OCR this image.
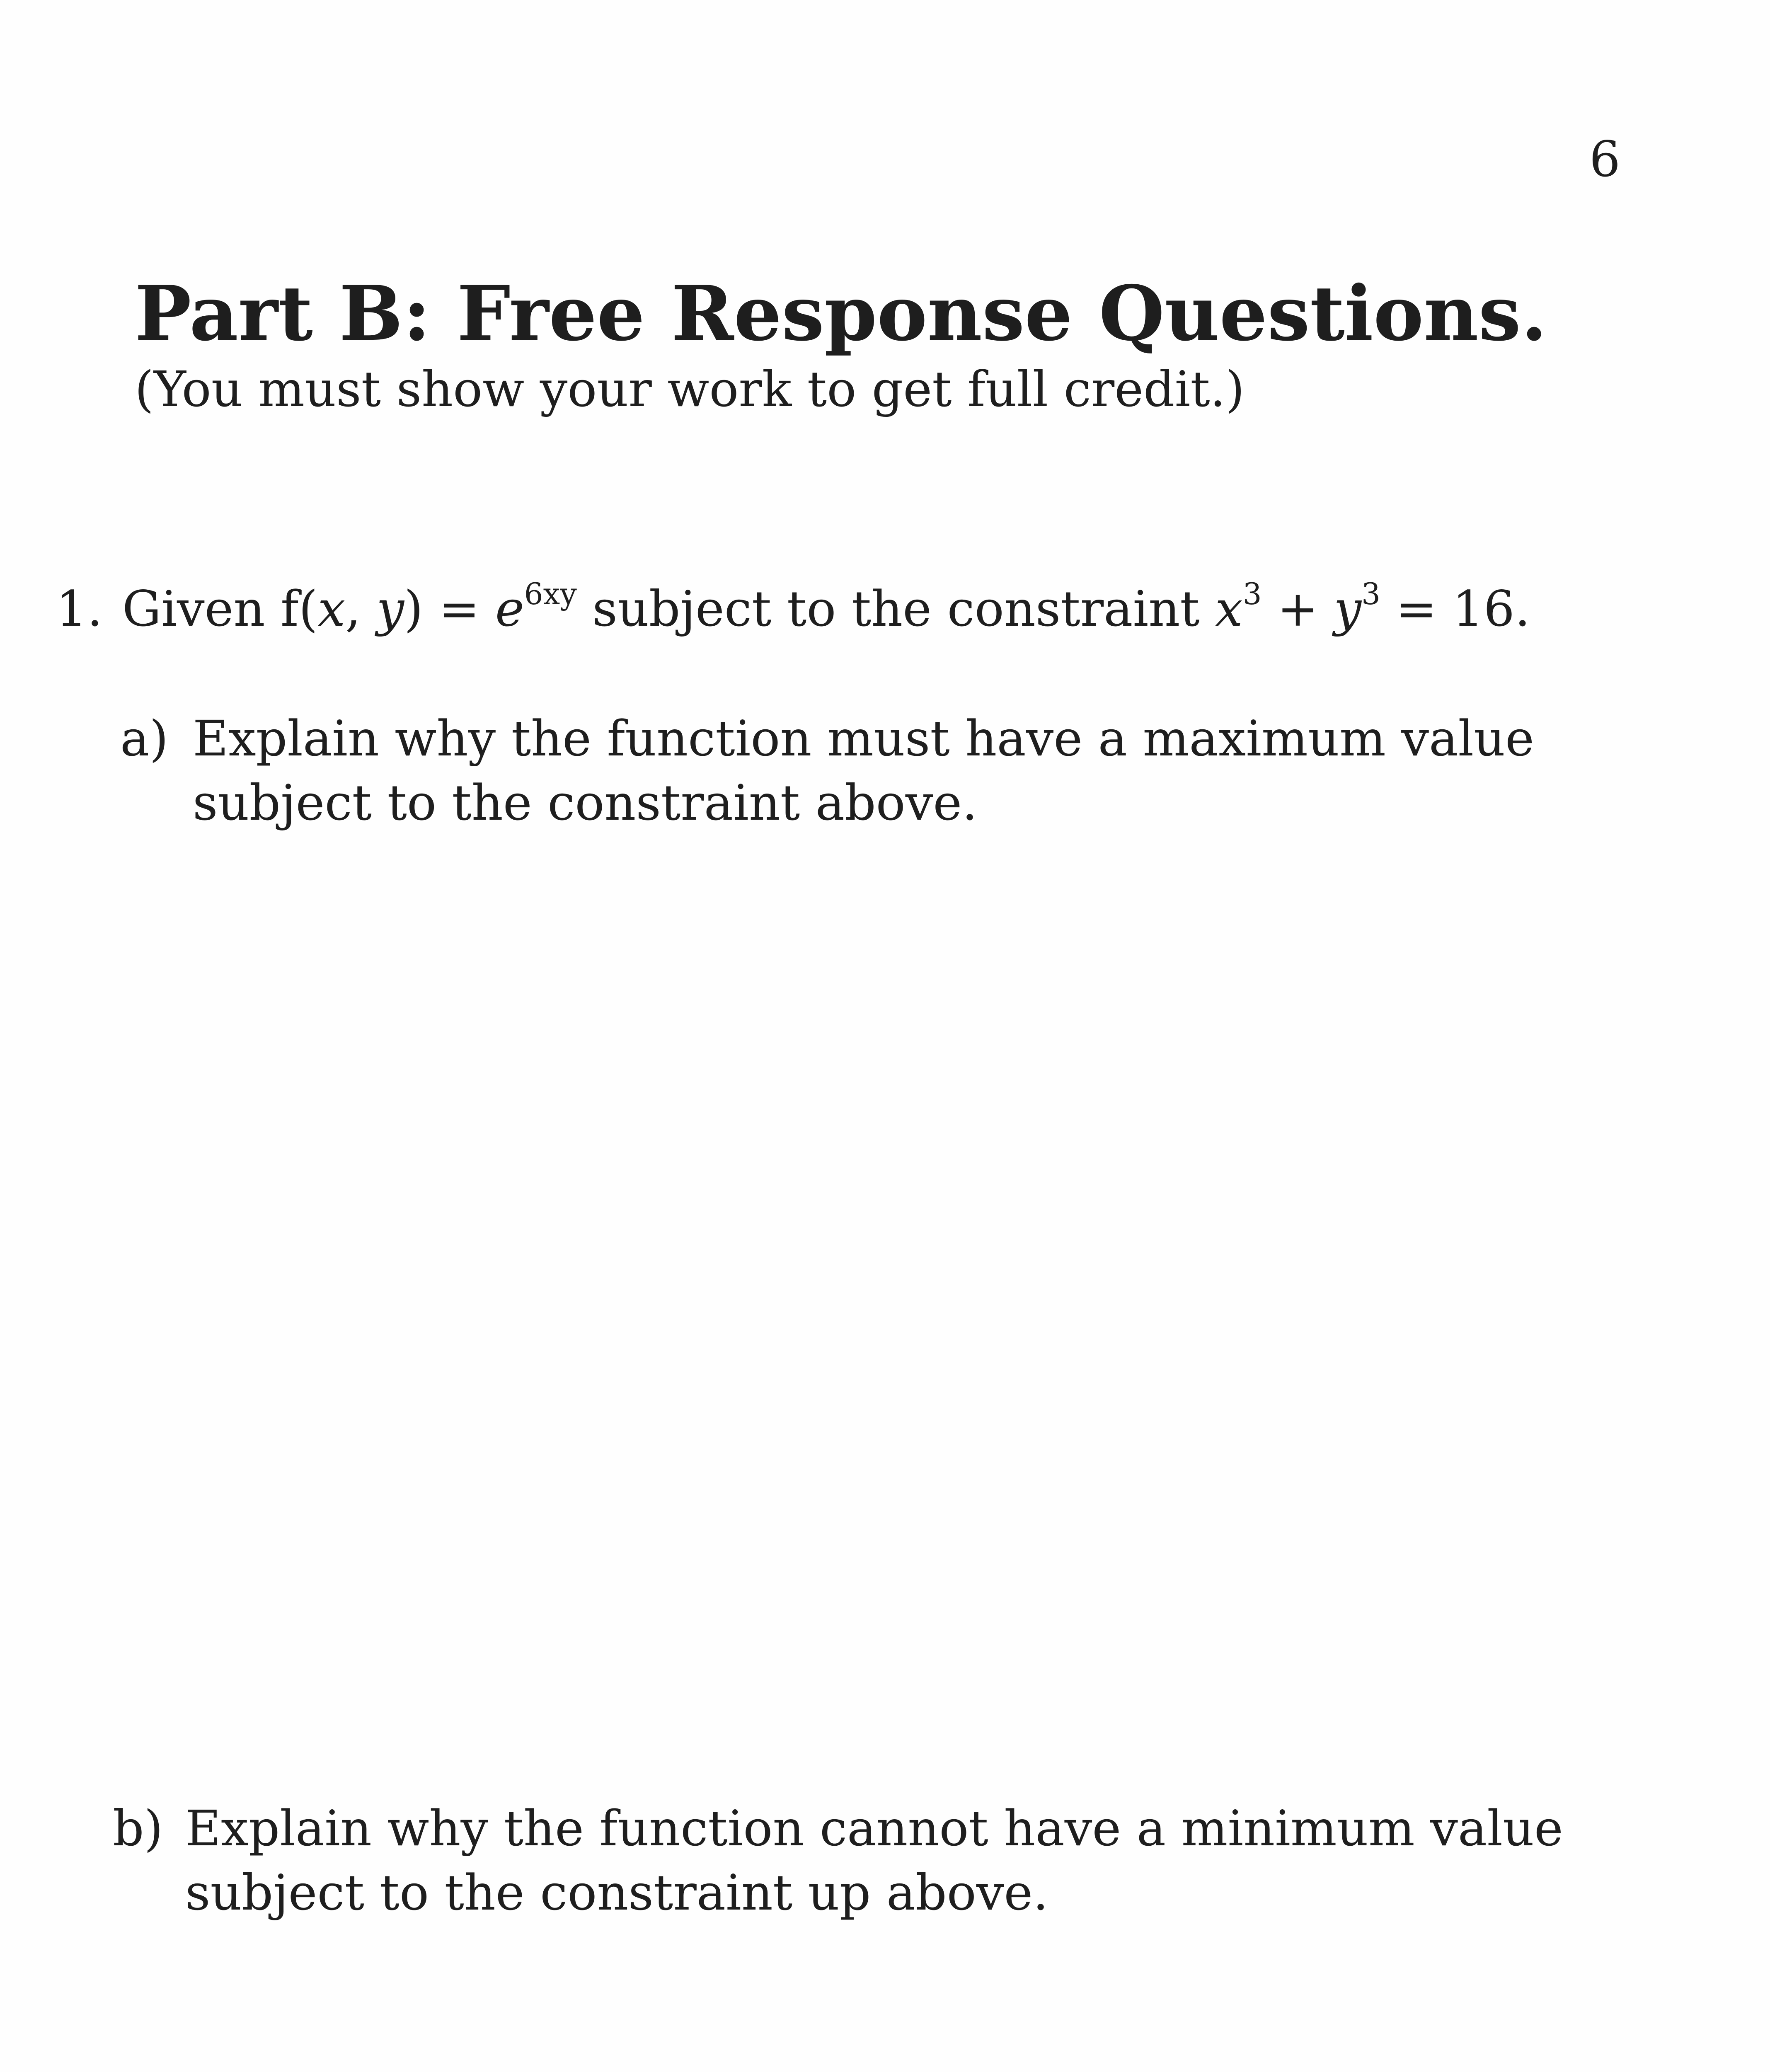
6
Part B: Free Response Questions.
(You must show your work to get full credit.)
1. Given f(x, $y) = e^{6xy}$ subject to the constraint $x^3 + y^3 = 16$.
a) Explain why the function must have a maximum value subject to the constraint above.
b) Explain why the function cannot have a minimum value subject to the constraint up above.
